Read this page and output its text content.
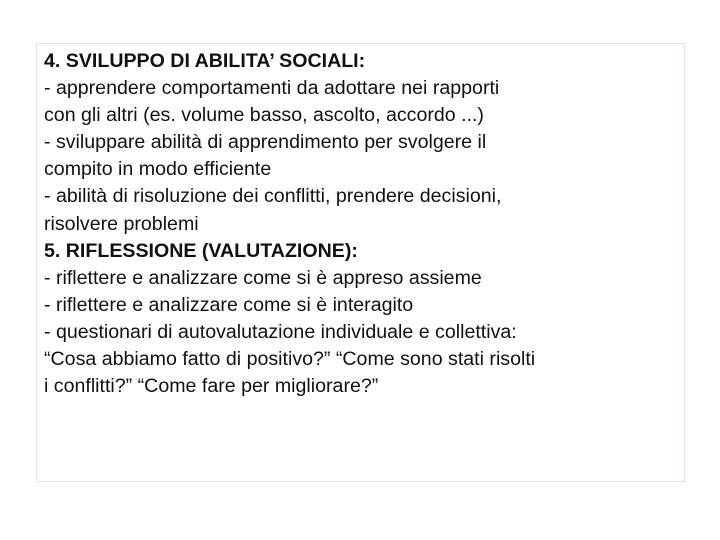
4. SVILUPPO DI ABILITA’ SOCIALI:
- apprendere comportamenti da adottare nei rapporti
con gli altri (es. volume basso, ascolto, accordo ...)
- sviluppare abilità di apprendimento per svolgere il
compito in modo efficiente
- abilità di risoluzione dei conflitti, prendere decisioni,
risolvere problemi
5. RIFLESSIONE (VALUTAZIONE):
- riflettere e analizzare come si è appreso assieme
- riflettere e analizzare come si è interagito
- questionari di autovalutazione individuale e collettiva:
“Cosa abbiamo fatto di positivo?” “Come sono stati risolti
i conflitti?” “Come fare per migliorare?”
